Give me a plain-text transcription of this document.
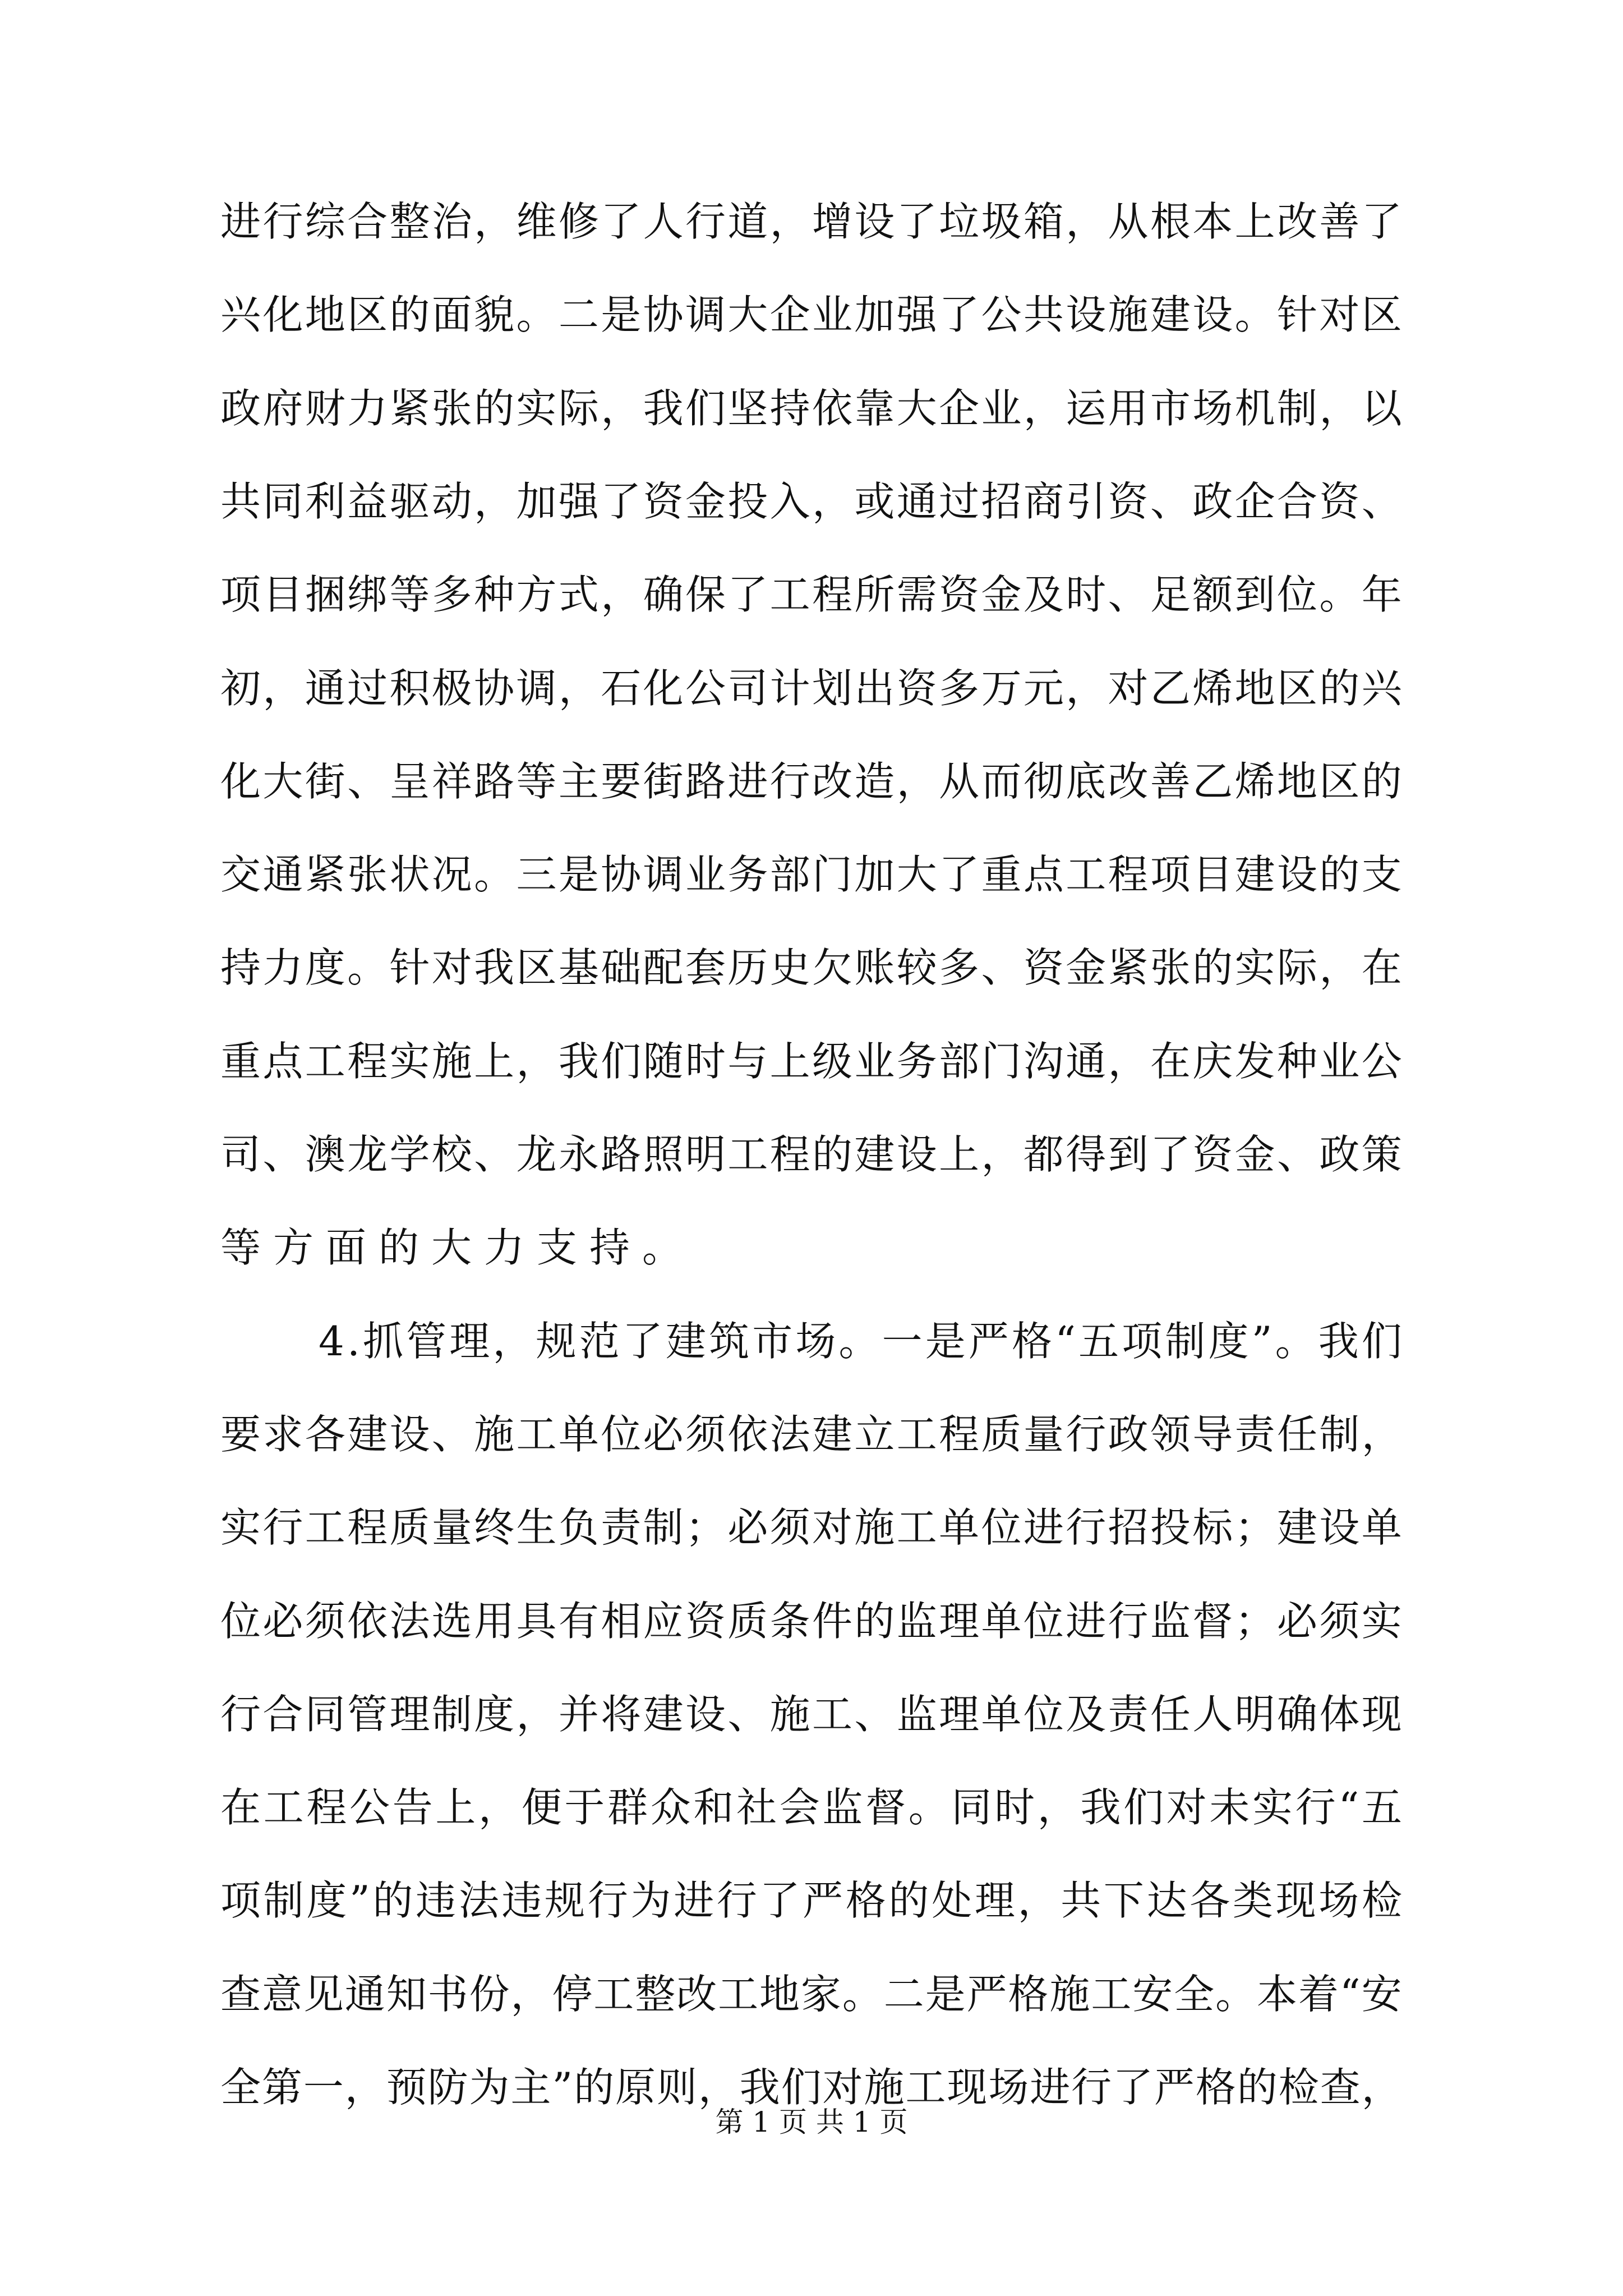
进 行 综 合 整 治 ， 维 修 了 人 行 道 ， 增 设 了 垃 圾 箱 ， 从 根 本 上 改 善 了
兴 化 地 区 的 面 貌 。 二 是 协 调 大 企 业 加 强 了 公 共 设 施 建 设 。 针 对 区
政 府 财 力 紧 张 的 实 际 ， 我 们 坚 持 依 靠 大 企 业 ， 运 用 市 场 机 制 ， 以
共 同 利 益 驱 动 ， 加 强 了 资 金 投 入 ， 或 通 过 招 商 引 资 、 政 企 合 资 、
项 目 捆 绑 等 多 种 方 式 ， 确 保 了 工 程 所 需 资 金 及 时 、 足 额 到 位 。 年
初 ， 通 过 积 极 协 调 ， 石 化 公 司 计 划 出 资 多 万 元 ， 对 乙 烯 地 区 的 兴
化 大 街 、 呈 祥 路 等 主 要 街 路 进 行 改 造 ， 从 而 彻 底 改 善 乙 烯 地 区 的
交 通 紧 张 状 况 。 三 是 协 调 业 务 部 门 加 大 了 重 点 工 程 项 目 建 设 的 支
持 力 度 。 针 对 我 区 基 础 配 套 历 史 欠 账 较 多 、 资 金 紧 张 的 实 际 ， 在
重 点 工 程 实 施 上 ， 我 们 随 时 与 上 级 业 务 部 门 沟 通 ， 在 庆 发 种 业 公
司 、 澳 龙 学 校 、 龙 永 路 照 明 工 程 的 建 设 上 ， 都 得 到 了 资 金 、 政 策
等方面的大力支持。
4 . 抓 管 理 ， 规 范 了 建 筑 市 场 。 一 是 严 格 “ 五 项 制 度 ” 。 我 们
要 求 各 建 设 、 施 工 单 位 必 须 依 法 建 立 工 程 质 量 行 政 领 导 责 任 制 ，
实 行 工 程 质 量 终 生 负 责 制 ； 必 须 对 施 工 单 位 进 行 招 投 标 ； 建 设 单
位 必 须 依 法 选 用 具 有 相 应 资 质 条 件 的 监 理 单 位 进 行 监 督 ； 必 须 实
行 合 同 管 理 制 度 ， 并 将 建 设 、 施 工 、 监 理 单 位 及 责 任 人 明 确 体 现
在 工 程 公 告 上 ， 便 于 群 众 和 社 会 监 督 。 同 时 ， 我 们 对 未 实 行 “ 五
项 制 度 ” 的 违 法 违 规 行 为 进 行 了 严 格 的 处 理 ， 共 下 达 各 类 现 场 检
查 意 见 通 知 书 份 ， 停 工 整 改 工 地 家 。 二 是 严 格 施 工 安 全 。 本 着 “ 安
全 第 一 ， 预 防 为 主 ” 的 原 则 ， 我 们 对 施 工 现 场 进 行 了 严 格 的 检 查 ，
第 1 页 共 1 页
